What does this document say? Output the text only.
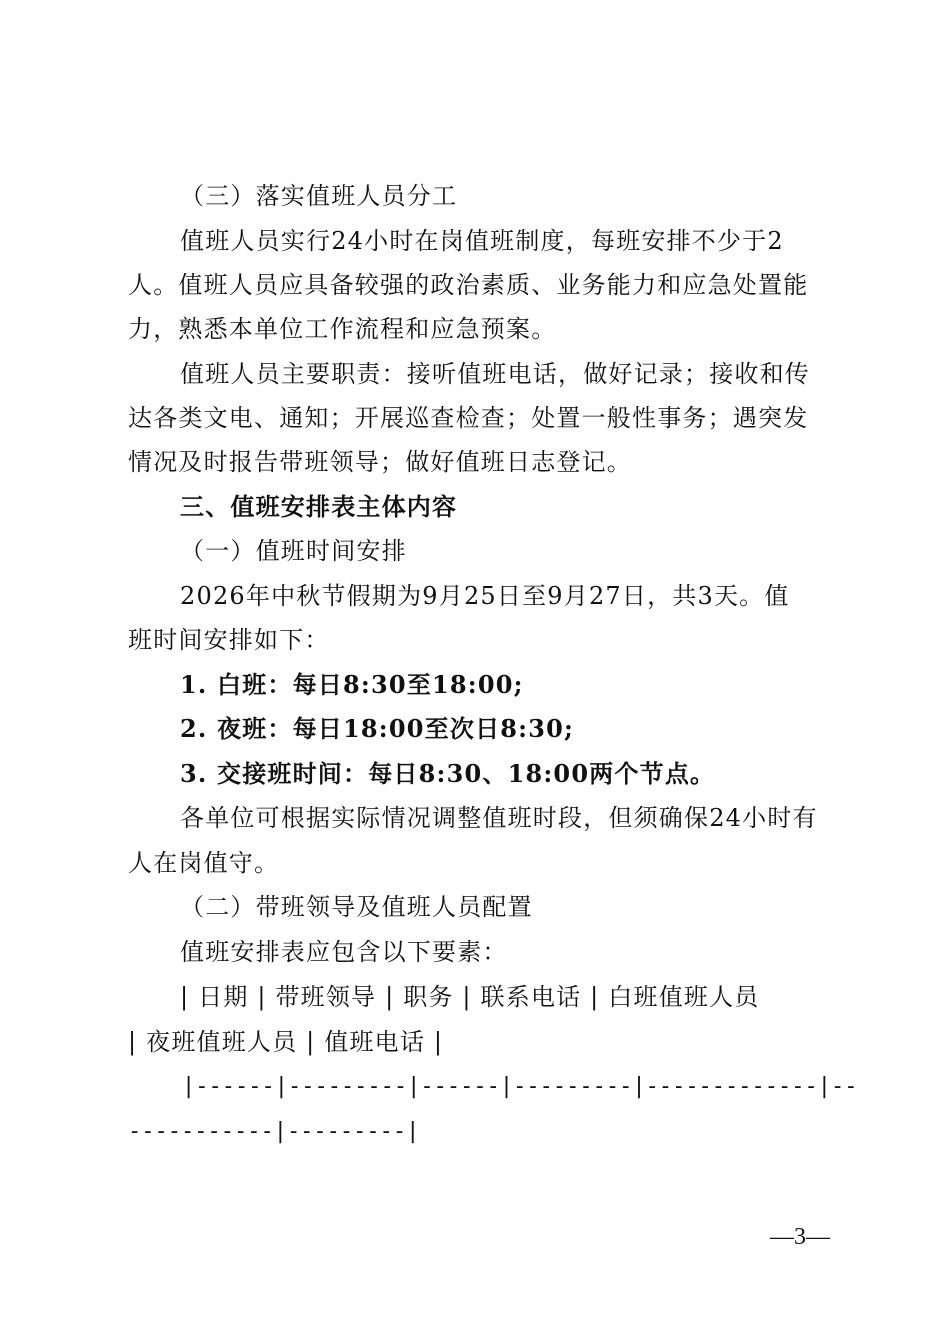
（三）落实值班人员分工
值班人员实行24小时在岗值班制度，每班安排不少于2
人。值班人员应具备较强的政治素质、业务能力和应急处置能
力，熟悉本单位工作流程和应急预案。
值班人员主要职责：接听值班电话，做好记录；接收和传
达各类文电、通知；开展巡查检查；处置一般性事务；遇突发
情况及时报告带班领导；做好值班日志登记。
三、值班安排表主体内容
（一）值班时间安排
2026年中秋节假期为9月25日至9月27日，共3天。值
班时间安排如下：
1. 白班：每日8:30至18:00;
2. 夜班：每日18:00至次日8:30;
3. 交接班时间：每日8:30、18:00两个节点。
各单位可根据实际情况调整值班时段，但须确保24小时有
人在岗值守。
（二）带班领导及值班人员配置
值班安排表应包含以下要素：
| 日期 | 带班领导 | 职务 | 联系电话 | 白班值班人员
| 夜班值班人员 | 值班电话 |
|------|---------|------|---------|-------------|--
-----------|---------|
—3—
